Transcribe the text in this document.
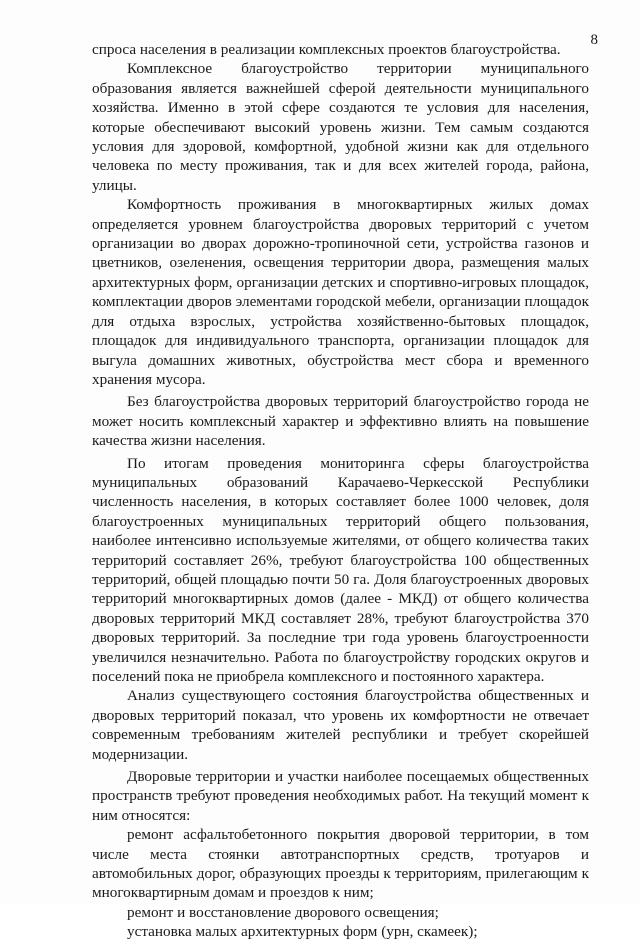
8

спроса населения в реализации комплексных проектов благоустройства.

Комплексное благоустройство территории муниципального образования является важнейшей сферой деятельности муниципального хозяйства. Именно в этой сфере создаются те условия для населения, которые обеспечивают высокий уровень жизни. Тем самым создаются условия для здоровой, комфортной, удобной жизни как для отдельного человека по месту проживания, так и для всех жителей города, района, улицы.

Комфортность проживания в многоквартирных жилых домах определяется уровнем благоустройства дворовых территорий с учетом организации во дворах дорожно-тропиночной сети, устройства газонов и цветников, озеленения, освещения территории двора, размещения малых архитектурных форм, организации детских и спортивно-игровых площадок, комплектации дворов элементами городской мебели, организации площадок для отдыха взрослых, устройства хозяйственно-бытовых площадок, площадок для индивидуального транспорта, организации площадок для выгула домашних животных, обустройства мест сбора и временного хранения мусора.

Без благоустройства дворовых территорий благоустройство города не может носить комплексный характер и эффективно влиять на повышение качества жизни населения.

По итогам проведения мониторинга сферы благоустройства муниципальных образований Карачаево-Черкесской Республики численность населения, в которых составляет более 1000 человек, доля благоустроенных муниципальных территорий общего пользования, наиболее интенсивно используемые жителями, от общего количества таких территорий составляет 26%, требуют благоустройства 100 общественных территорий, общей площадью почти 50 га. Доля благоустроенных дворовых территорий многоквартирных домов (далее - МКД) от общего количества дворовых территорий МКД составляет 28%, требуют благоустройства 370 дворовых территорий. За последние три года уровень благоустроенности увеличился незначительно. Работа по благоустройству городских округов и поселений пока не приобрела комплексного и постоянного характера.

Анализ существующего состояния благоустройства общественных и дворовых территорий показал, что уровень их комфортности не отвечает современным требованиям жителей республики и требует скорейшей модернизации.

Дворовые территории и участки наиболее посещаемых общественных пространств требуют проведения необходимых работ. На текущий момент к ним относятся:

ремонт асфальтобетонного покрытия дворовой территории, в том числе места стоянки автотранспортных средств, тротуаров и автомобильных дорог, образующих проезды к территориям, прилегающим к многоквартирным домам и проездов к ним;

ремонт и восстановление дворового освещения;

установка малых архитектурных форм (урн, скамеек);
